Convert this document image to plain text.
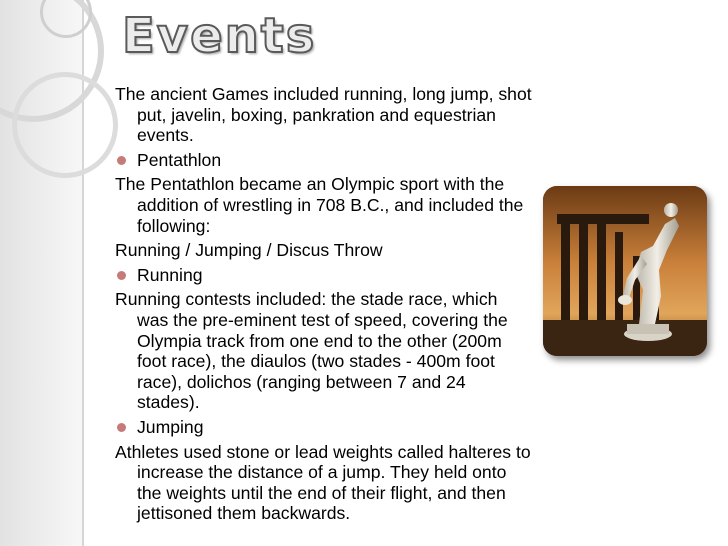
Events

The ancient Games included running, long jump, shot put, javelin, boxing, pankration and equestrian events.

Pentathlon

The Pentathlon became an Olympic sport with the addition of wrestling in 708 B.C., and included the following:

Running / Jumping / Discus Throw

Running

Running contests included: the stade race, which was the pre-eminent test of speed, covering the Olympia track from one end to the other (200m foot race), the diaulos (two stades - 400m foot race), dolichos (ranging between 7 and 24 stades).

Jumping

Athletes used stone or lead weights called halteres to increase the distance of a jump. They held onto the weights until the end of their flight, and then jettisoned them backwards.
